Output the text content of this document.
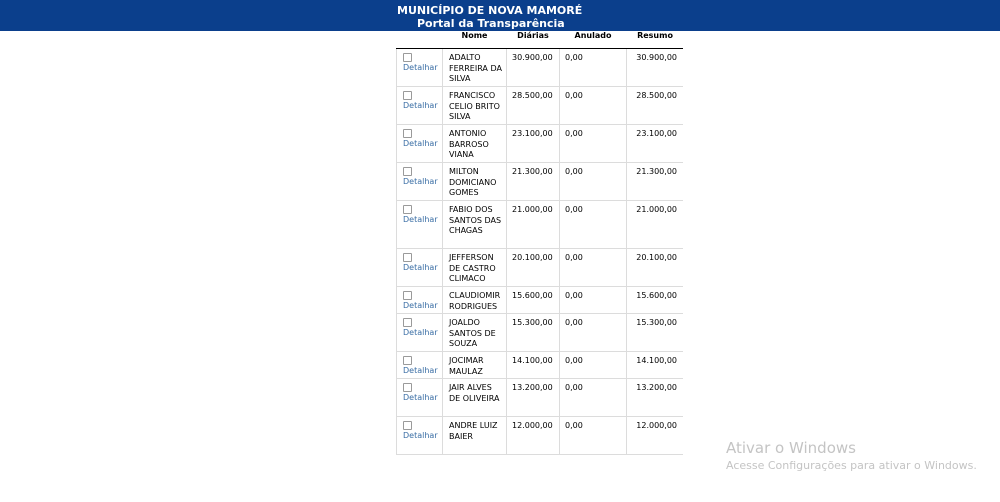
MUNICÍPIO DE NOVA MAMORÉ
Portal da Transparência
	Nome	Diárias	Anulado	Resumo

Detalhar	ADALTO FERREIRA DA SILVA	30.900,00	0,00	30.900,00

Detalhar	FRANCISCO CELIO BRITO SILVA	28.500,00	0,00	28.500,00

Detalhar	ANTONIO BARROSO VIANA	23.100,00	0,00	23.100,00

Detalhar	MILTON DOMICIANO GOMES	21.300,00	0,00	21.300,00

Detalhar	FABIO DOS SANTOS DAS CHAGAS	21.000,00	0,00	21.000,00

Detalhar	JEFFERSON DE CASTRO CLIMACO	20.100,00	0,00	20.100,00

Detalhar	CLAUDIOMIR RODRIGUES	15.600,00	0,00	15.600,00

Detalhar	JOALDO SANTOS DE SOUZA	15.300,00	0,00	15.300,00

Detalhar	JOCIMAR MAULAZ	14.100,00	0,00	14.100,00

Detalhar	JAIR ALVES DE OLIVEIRA	13.200,00	0,00	13.200,00

Detalhar	ANDRE LUIZ BAIER	12.000,00	0,00	12.000,00
Ativar o Windows
Acesse Configurações para ativar o Windows.
